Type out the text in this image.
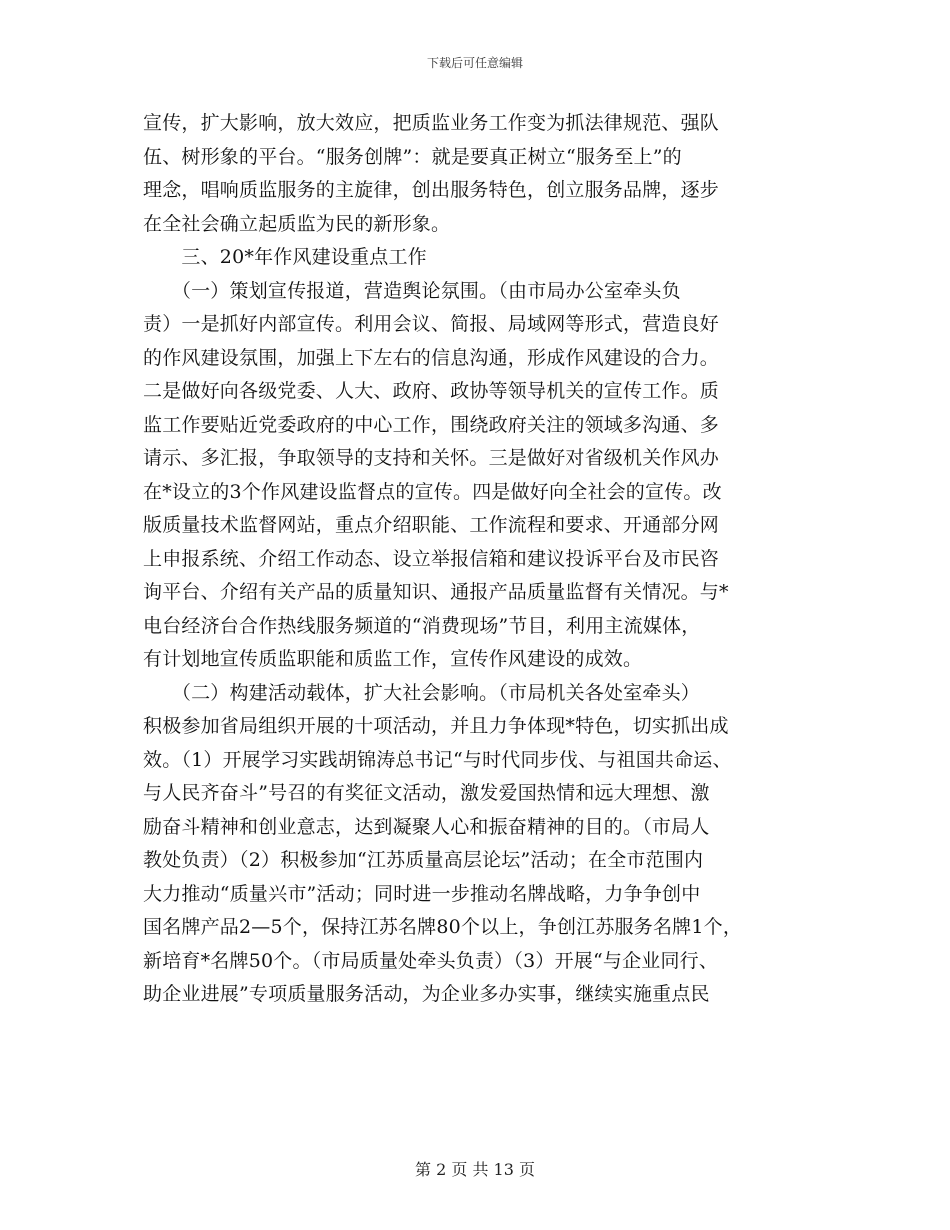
下载后可任意编辑
宣传，扩大影响，放大效应，把质监业务工作变为抓法律规范、强队
伍、树形象的平台。“服务创牌”：就是要真正树立“服务至上”的
理念，唱响质监服务的主旋律，创出服务特色，创立服务品牌，逐步
在全社会确立起质监为民的新形象。
　　三、20*年作风建设重点工作
　　（一）策划宣传报道，营造舆论氛围。（由市局办公室牵头负
责）一是抓好内部宣传。利用会议、简报、局域网等形式，营造良好
的作风建设氛围，加强上下左右的信息沟通，形成作风建设的合力。
二是做好向各级党委、人大、政府、政协等领导机关的宣传工作。质
监工作要贴近党委政府的中心工作，围绕政府关注的领域多沟通、多
请示、多汇报，争取领导的支持和关怀。三是做好对省级机关作风办
在*设立的3个作风建设监督点的宣传。四是做好向全社会的宣传。改
版质量技术监督网站，重点介绍职能、工作流程和要求、开通部分网
上申报系统、介绍工作动态、设立举报信箱和建议投诉平台及市民咨
询平台、介绍有关产品的质量知识、通报产品质量监督有关情况。与*
电台经济台合作热线服务频道的“消费现场”节目，利用主流媒体，
有计划地宣传质监职能和质监工作，宣传作风建设的成效。
　　（二）构建活动载体，扩大社会影响。（市局机关各处室牵头）
积极参加省局组织开展的十项活动，并且力争体现*特色，切实抓出成
效。（1）开展学习实践胡锦涛总书记“与时代同步伐、与祖国共命运、
与人民齐奋斗”号召的有奖征文活动，激发爱国热情和远大理想、激
励奋斗精神和创业意志，达到凝聚人心和振奋精神的目的。（市局人
教处负责）（2）积极参加“江苏质量高层论坛”活动；在全市范围内
大力推动“质量兴市”活动；同时进一步推动名牌战略，力争争创中
国名牌产品2—5个，保持江苏名牌80个以上，争创江苏服务名牌1个，
新培育*名牌50个。（市局质量处牵头负责）（3）开展“与企业同行、
助企业进展”专项质量服务活动，为企业多办实事，继续实施重点民
第 2 页 共 13 页
